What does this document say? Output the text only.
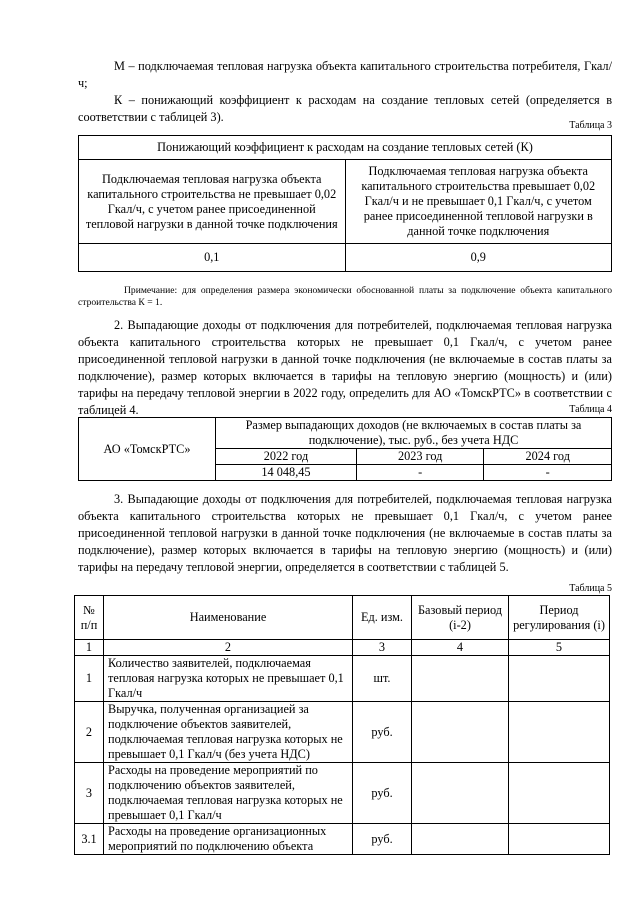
М – подключаемая тепловая нагрузка объекта капитального строительства потребителя, Гкал/ч;

К – понижающий коэффициент к расходам на создание тепловых сетей (определяется в соответствии с таблицей 3).

Таблица 3
Понижающий коэффициент к расходам на создание тепловых сетей (К)	
Подключаемая тепловая нагрузка объекта капитального строительства не превышает 0,02 Гкал/ч, с учетом ранее присоединенной тепловой нагрузки в данной точке подключения	Подключаемая тепловая нагрузка объекта капитального строительства превышает 0,02 Гкал/ч и не превышает 0,1 Гкал/ч, с учетом ранее присоединенной тепловой нагрузки в данной точке подключения
0,1	0,9

Примечание: для определения размера экономически обоснованной платы за подключение объекта капитального строительства К = 1.

2. Выпадающие доходы от подключения для потребителей, подключаемая тепловая нагрузка объекта капитального строительства которых не превышает 0,1 Гкал/ч, с учетом ранее присоединенной тепловой нагрузки в данной точке подключения (не включаемые в состав платы за подключение), размер которых включается в тарифы на тепловую энергию (мощность) и (или) тарифы на передачу тепловой энергии в 2022 году, определить для АО «ТомскРТС» в соответствии с таблицей 4.	Таблица 4
АО «ТомскРТС»	Размер выпадающих доходов (не включаемых в состав платы за подключение), тыс. руб., без учета НДС		
	2022 год	2023 год	2024 год
	14 048,45	-	-

3. Выпадающие доходы от подключения для потребителей, подключаемая тепловая нагрузка объекта капитального строительства которых не превышает 0,1 Гкал/ч, с учетом ранее присоединенной тепловой нагрузки в данной точке подключения (не включаемые в состав платы за подключение), размер которых включается в тарифы на тепловую энергию (мощность) и (или) тарифы на передачу тепловой энергии, определяется в соответствии с таблицей 5.

Таблица 5
№ п/п	Наименование	Ед. изм.	Базовый период (i-2)	Период регулирования (i)
1	2	3	4	5
1	Количество заявителей, подключаемая тепловая нагрузка которых не превышает 0,1 Гкал/ч	шт.		
2	Выручка, полученная организацией за подключение объектов заявителей, подключаемая тепловая нагрузка которых не превышает 0,1 Гкал/ч (без учета НДС)	руб.		
3	Расходы на проведение мероприятий по подключению объектов заявителей, подключаемая тепловая нагрузка которых не превышает 0,1 Гкал/ч	руб.		
3.1	Расходы на проведение организационных мероприятий по подключению объекта	руб.		
